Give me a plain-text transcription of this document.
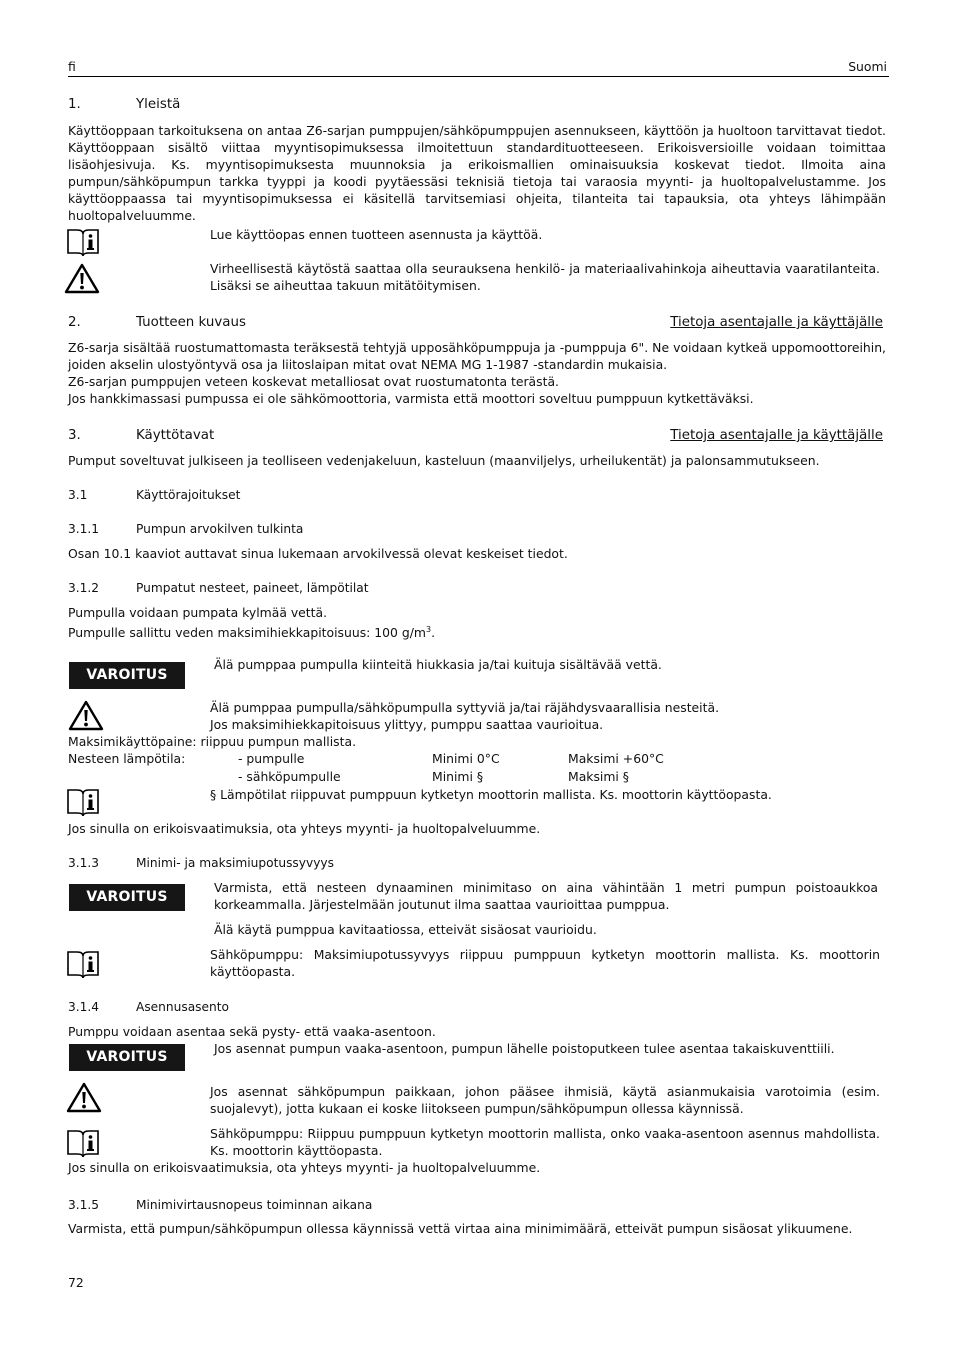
fi	Suomi
1.	Yleistä
Käyttöoppaan tarkoituksena on antaa Z6-sarjan pumppujen/sähköpumppujen asennukseen, käyttöön ja huoltoon tarvittavat tiedot. Käyttöoppaan sisältö viittaa myyntisopimuksessa ilmoitettuun standardituotteeseen. Erikoisversioille voidaan toimittaa lisäohjesivuja. Ks. myyntisopimuksesta muunnoksia ja erikoismallien ominaisuuksia koskevat tiedot. Ilmoita aina pumpun/sähköpumpun tarkka tyyppi ja koodi pyytäessäsi teknisiä tietoja tai varaosia myynti- ja huoltopalvelustamme. Jos käyttöoppaassa tai myyntisopimuksessa ei käsitellä tarvitsemiasi ohjeita, tilanteita tai tapauksia, ota yhteys lähimpään huoltopalveluumme.
Lue käyttöopas ennen tuotteen asennusta ja käyttöä.
Virheellisestä käytöstä saattaa olla seurauksena henkilö- ja materiaalivahinkoja aiheuttavia vaaratilanteita. Lisäksi se aiheuttaa takuun mitätöitymisen.
2.	Tuotteen kuvaus	Tietoja asentajalle ja käyttäjälle
Z6-sarja sisältää ruostumattomasta teräksestä tehtyjä upposähköpumppuja ja -pumppuja 6". Ne voidaan kytkeä uppomoottoreihin, joiden akselin ulostyöntyvä osa ja liitoslaipan mitat ovat NEMA MG 1-1987 -standardin mukaisia.
Z6-sarjan pumppujen veteen koskevat metalliosat ovat ruostumatonta terästä.
Jos hankkimassasi pumpussa ei ole sähkömoottoria, varmista että moottori soveltuu pumppuun kytkettäväksi.
3.	Käyttötavat	Tietoja asentajalle ja käyttäjälle
Pumput soveltuvat julkiseen ja teolliseen vedenjakeluun, kasteluun (maanviljelys, urheilukentät) ja palonsammutukseen.
3.1	Käyttörajoitukset
3.1.1	Pumpun arvokilven tulkinta
Osan 10.1 kaaviot auttavat sinua lukemaan arvokilvessä olevat keskeiset tiedot.
3.1.2	Pumpatut nesteet, paineet, lämpötilat
Pumpulla voidaan pumpata kylmää vettä.
Pumpulle sallittu veden maksimihiekkapitoisuus: 100 $g/m^3$.
VAROITUS
Älä pumppaa pumpulla kiinteitä hiukkasia ja/tai kuituja sisältävää vettä.
Älä pumppaa pumpulla/sähköpumpulla syttyviä ja/tai räjähdysvaarallisia nesteitä.
Jos maksimihiekkapitoisuus ylittyy, pumppu saattaa vaurioitua.
Maksimikäyttöpaine: riippuu pumpun mallista.
Nesteen lämpötila:	- pumpulle	Minimi 0°C	Maksimi +60°C
- sähköpumpulle	Minimi §	Maksimi §
§ Lämpötilat riippuvat pumppuun kytketyn moottorin mallista. Ks. moottorin käyttöopasta.
Jos sinulla on erikoisvaatimuksia, ota yhteys myynti- ja huoltopalveluumme.
3.1.3	Minimi- ja maksimiupotussyvyys
VAROITUS
Varmista, että nesteen dynaaminen minimitaso on aina vähintään 1 metri pumpun poistoaukkoa korkeammalla. Järjestelmään joutunut ilma saattaa vaurioittaa pumppua.
Älä käytä pumppua kavitaatiossa, etteivät sisäosat vaurioidu.
Sähköpumppu: Maksimiupotussyvyys riippuu pumppuun kytketyn moottorin mallista. Ks. moottorin käyttöopasta.
3.1.4	Asennusasento
Pumppu voidaan asentaa sekä pysty- että vaaka-asentoon.
VAROITUS
Jos asennat pumpun vaaka-asentoon, pumpun lähelle poistoputkeen tulee asentaa takaiskuventtiili.
Jos asennat sähköpumpun paikkaan, johon pääsee ihmisiä, käytä asianmukaisia varotoimia (esim. suojalevyt), jotta kukaan ei koske liitokseen pumpun/sähköpumpun ollessa käynnissä.
Sähköpumppu: Riippuu pumppuun kytketyn moottorin mallista, onko vaaka-asentoon asennus mahdollista. Ks. moottorin käyttöopasta.
Jos sinulla on erikoisvaatimuksia, ota yhteys myynti- ja huoltopalveluumme.
3.1.5	Minimivirtausnopeus toiminnan aikana
Varmista, että pumpun/sähköpumpun ollessa käynnissä vettä virtaa aina minimimäärä, etteivät pumpun sisäosat ylikuumene.
72
